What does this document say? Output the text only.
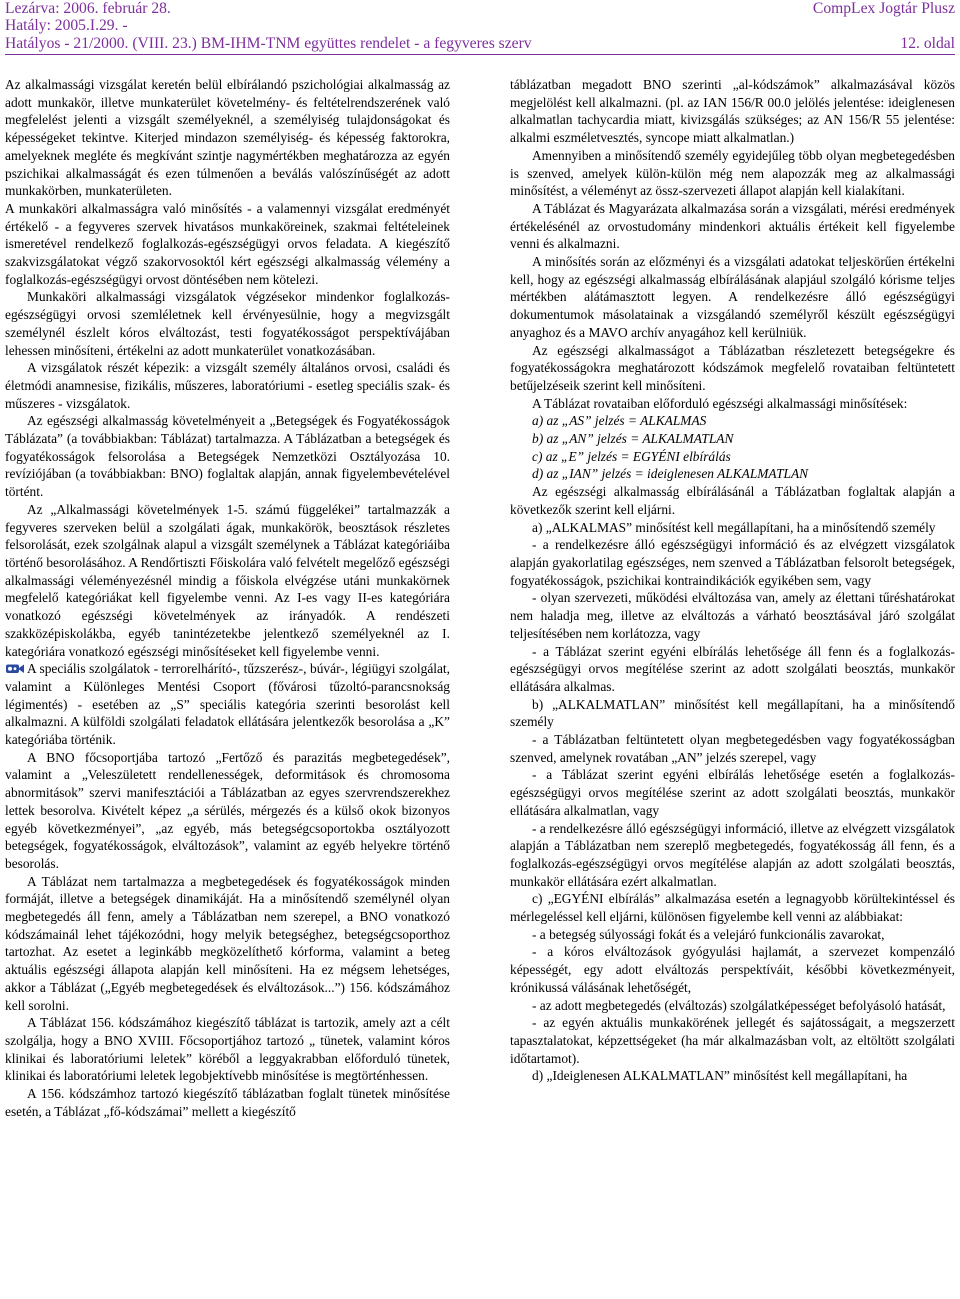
Lezárva: 2006. február 28.	CompLex Jogtár Plusz
Hatály: 2005.I.29. -
Hatályos - 21/2000. (VIII. 23.) BM-IHM-TNM együttes rendelet - a fegyveres szerv	12. oldal

Az alkalmassági vizsgálat keretén belül elbírálandó pszichológiai alkalmasság az adott munkakör, illetve munkaterület követelmény- és feltételrendszerének való megfelelést jelenti a vizsgált személyeknél, a személyiség tulajdonságokat és képességeket tekintve. Kiterjed mindazon személyiség- és képesség faktorokra, amelyeknek megléte és megkívánt szintje nagymértékben meghatározza az egyén pszichikai alkalmasságát és ezen túlmenően a beválás valószínűségét az adott munkakörben, munkaterületen.

A munkaköri alkalmasságra való minősítés - a valamennyi vizsgálat eredményét értékelő - a fegyveres szervek hivatásos munkaköreinek, szakmai feltételeinek ismeretével rendelkező foglalkozás-egészségügyi orvos feladata. A kiegészítő szakvizsgálatokat végző szakorvosoktól kért egészségi alkalmasság vélemény a foglalkozás-egészségügyi orvost döntésében nem kötelezi.

Munkaköri alkalmassági vizsgálatok végzésekor mindenkor foglalkozás-egészségügyi orvosi szemléletnek kell érvényesülnie, hogy a megvizsgált személynél észlelt kóros elváltozást, testi fogyatékosságot perspektívájában lehessen minősíteni, értékelni az adott munkaterület vonatkozásában.

A vizsgálatok részét képezik: a vizsgált személy általános orvosi, családi és életmódi anamnesise, fizikális, műszeres, laboratóriumi - esetleg speciális szak- és műszeres - vizsgálatok.

Az egészségi alkalmasság követelményeit a „Betegségek és Fogyatékosságok Táblázata” (a továbbiakban: Táblázat) tartalmazza. A Táblázatban a betegségek és fogyatékosságok felsorolása a Betegségek Nemzetközi Osztályozása 10. revíziójában (a továbbiakban: BNO) foglaltak alapján, annak figyelembevételével történt.

Az „Alkalmassági követelmények 1-5. számú függelékei” tartalmazzák a fegyveres szerveken belül a szolgálati ágak, munkakörök, beosztások részletes felsorolását, ezek szolgálnak alapul a vizsgált személynek a Táblázat kategóriáiba történő besorolásához. A Rendőrtiszti Főiskolára való felvételt megelőző egészségi alkalmassági véleményezésnél mindig a főiskola elvégzése utáni munkakörnek megfelelő kategóriákat kell figyelembe venni. Az I-es vagy II-es kategóriára vonatkozó egészségi követelmények az irányadók. A rendészeti szakközépiskolákba, egyéb tanintézetekbe jelentkező személyeknél az I. kategóriára vonatkozó egészségi minősítéseket kell figyelembe venni.

A speciális szolgálatok - terrorelhárító-, tűzszerész-, búvár-, légiügyi szolgálat, valamint a Különleges Mentési Csoport (fővárosi tűzoltó-parancsnokság légimentés) - esetében az „S” speciális kategória szerinti besorolást kell alkalmazni. A külföldi szolgálati feladatok ellátására jelentkezők besorolása a „K” kategóriába történik.

A BNO főcsoportjába tartozó „Fertőző és parazitás megbetegedések”, valamint a „Veleszületett rendellenességek, deformitások és chromosoma abnormitások” szervi manifesztációi a Táblázatban az egyes szervrendszerekhez lettek besorolva. Kivételt képez „a sérülés, mérgezés és a külső okok bizonyos egyéb következményei”, „az egyéb, más betegségcsoportokba osztályozott betegségek, fogyatékosságok, elváltozások”, valamint az egyéb helyekre történő besorolás.

A Táblázat nem tartalmazza a megbetegedések és fogyatékosságok minden formáját, illetve a betegségek dinamikáját. Ha a minősítendő személynél olyan megbetegedés áll fenn, amely a Táblázatban nem szerepel, a BNO vonatkozó kódszámainál lehet tájékozódni, hogy melyik betegséghez, betegségcsoporthoz tartozhat. Az esetet a leginkább megközelíthető kórforma, valamint a beteg aktuális egészségi állapota alapján kell minősíteni. Ha ez mégsem lehetséges, akkor a Táblázat („Egyéb megbetegedések és elváltozások...”) 156. kódszámához kell sorolni.

A Táblázat 156. kódszámához kiegészítő táblázat is tartozik, amely azt a célt szolgálja, hogy a BNO XVIII. Főcsoportjához tartozó „ tünetek, valamint kóros klinikai és laboratóriumi leletek” köréből a leggyakrabban előforduló tünetek, klinikai és laboratóriumi leletek legobjektívebb minősítése is megtörténhessen.

A 156. kódszámhoz tartozó kiegészítő táblázatban foglalt tünetek minősítése esetén, a Táblázat „fő-kódszámai” mellett a kiegészítő

táblázatban megadott BNO szerinti „al-kódszámok” alkalmazásával közös megjelölést kell alkalmazni. (pl. az IAN 156/R 00.0 jelölés jelentése: ideiglenesen alkalmatlan tachycardia miatt, kivizsgálás szükséges; az AN 156/R 55 jelentése: alkalmi eszméletvesztés, syncope miatt alkalmatlan.)

Amennyiben a minősítendő személy egyidejűleg több olyan megbetegedésben is szenved, amelyek külön-külön még nem alapozzák meg az alkalmassági minősítést, a véleményt az össz-szervezeti állapot alapján kell kialakítani.

A Táblázat és Magyarázata alkalmazása során a vizsgálati, mérési eredmények értékelésénél az orvostudomány mindenkori aktuális értékeit kell figyelembe venni és alkalmazni.

A minősítés során az előzményi és a vizsgálati adatokat teljeskörűen értékelni kell, hogy az egészségi alkalmasság elbírálásának alapjául szolgáló kórisme teljes mértékben alátámasztott legyen. A rendelkezésre álló egészségügyi dokumentumok másolatainak a vizsgálandó személyről készült egészségügyi anyaghoz és a MAVO archív anyagához kell kerülniük.

Az egészségi alkalmasságot a Táblázatban részletezett betegségekre és fogyatékosságokra meghatározott kódszámok megfelelő rovataiban feltüntetett betűjelzéseik szerint kell minősíteni.

A Táblázat rovataiban előforduló egészségi alkalmassági minősítések:

a) az „AS” jelzés = ALKALMAS

b) az „AN” jelzés = ALKALMATLAN

c) az „E” jelzés = EGYÉNI elbírálás

d) az „IAN” jelzés = ideiglenesen ALKALMATLAN

Az egészségi alkalmasság elbírálásánál a Táblázatban foglaltak alapján a következők szerint kell eljárni.

a) „ALKALMAS” minősítést kell megállapítani, ha a minősítendő személy

- a rendelkezésre álló egészségügyi információ és az elvégzett vizsgálatok alapján gyakorlatilag egészséges, nem szenved a Táblázatban felsorolt betegségek, fogyatékosságok, pszichikai kontraindikációk egyikében sem, vagy

- olyan szervezeti, működési elváltozása van, amely az élettani tűréshatárokat nem haladja meg, illetve az elváltozás a várható beosztásával járó szolgálat teljesítésében nem korlátozza, vagy

- a Táblázat szerint egyéni elbírálás lehetősége áll fenn és a foglalkozás-egészségügyi orvos megítélése szerint az adott szolgálati beosztás, munkakör ellátására alkalmas.

b) „ALKALMATLAN” minősítést kell megállapítani, ha a minősítendő személy

- a Táblázatban feltüntetett olyan megbetegedésben vagy fogyatékosságban szenved, amelynek rovatában „AN” jelzés szerepel, vagy

- a Táblázat szerint egyéni elbírálás lehetősége esetén a foglalkozás-egészségügyi orvos megítélése szerint az adott szolgálati beosztás, munkakör ellátására alkalmatlan, vagy

- a rendelkezésre álló egészségügyi információ, illetve az elvégzett vizsgálatok alapján a Táblázatban nem szereplő megbetegedés, fogyatékosság áll fenn, és a foglalkozás-egészségügyi orvos megítélése alapján az adott szolgálati beosztás, munkakör ellátására ezért alkalmatlan.

c) „EGYÉNI elbírálás” alkalmazása esetén a legnagyobb körültekintéssel és mérlegeléssel kell eljárni, különösen figyelembe kell venni az alábbiakat:

- a betegség súlyossági fokát és a velejáró funkcionális zavarokat,

- a kóros elváltozások gyógyulási hajlamát, a szervezet kompenzáló képességét, egy adott elváltozás perspektíváit, későbbi következményeit, krónikussá válásának lehetőségét,

- az adott megbetegedés (elváltozás) szolgálatképességet befolyásoló hatását,

- az egyén aktuális munkakörének jellegét és sajátosságait, a megszerzett tapasztalatokat, képzettségeket (ha már alkalmazásban volt, az eltöltött szolgálati időtartamot).

d) „Ideiglenesen ALKALMATLAN” minősítést kell megállapítani, ha
